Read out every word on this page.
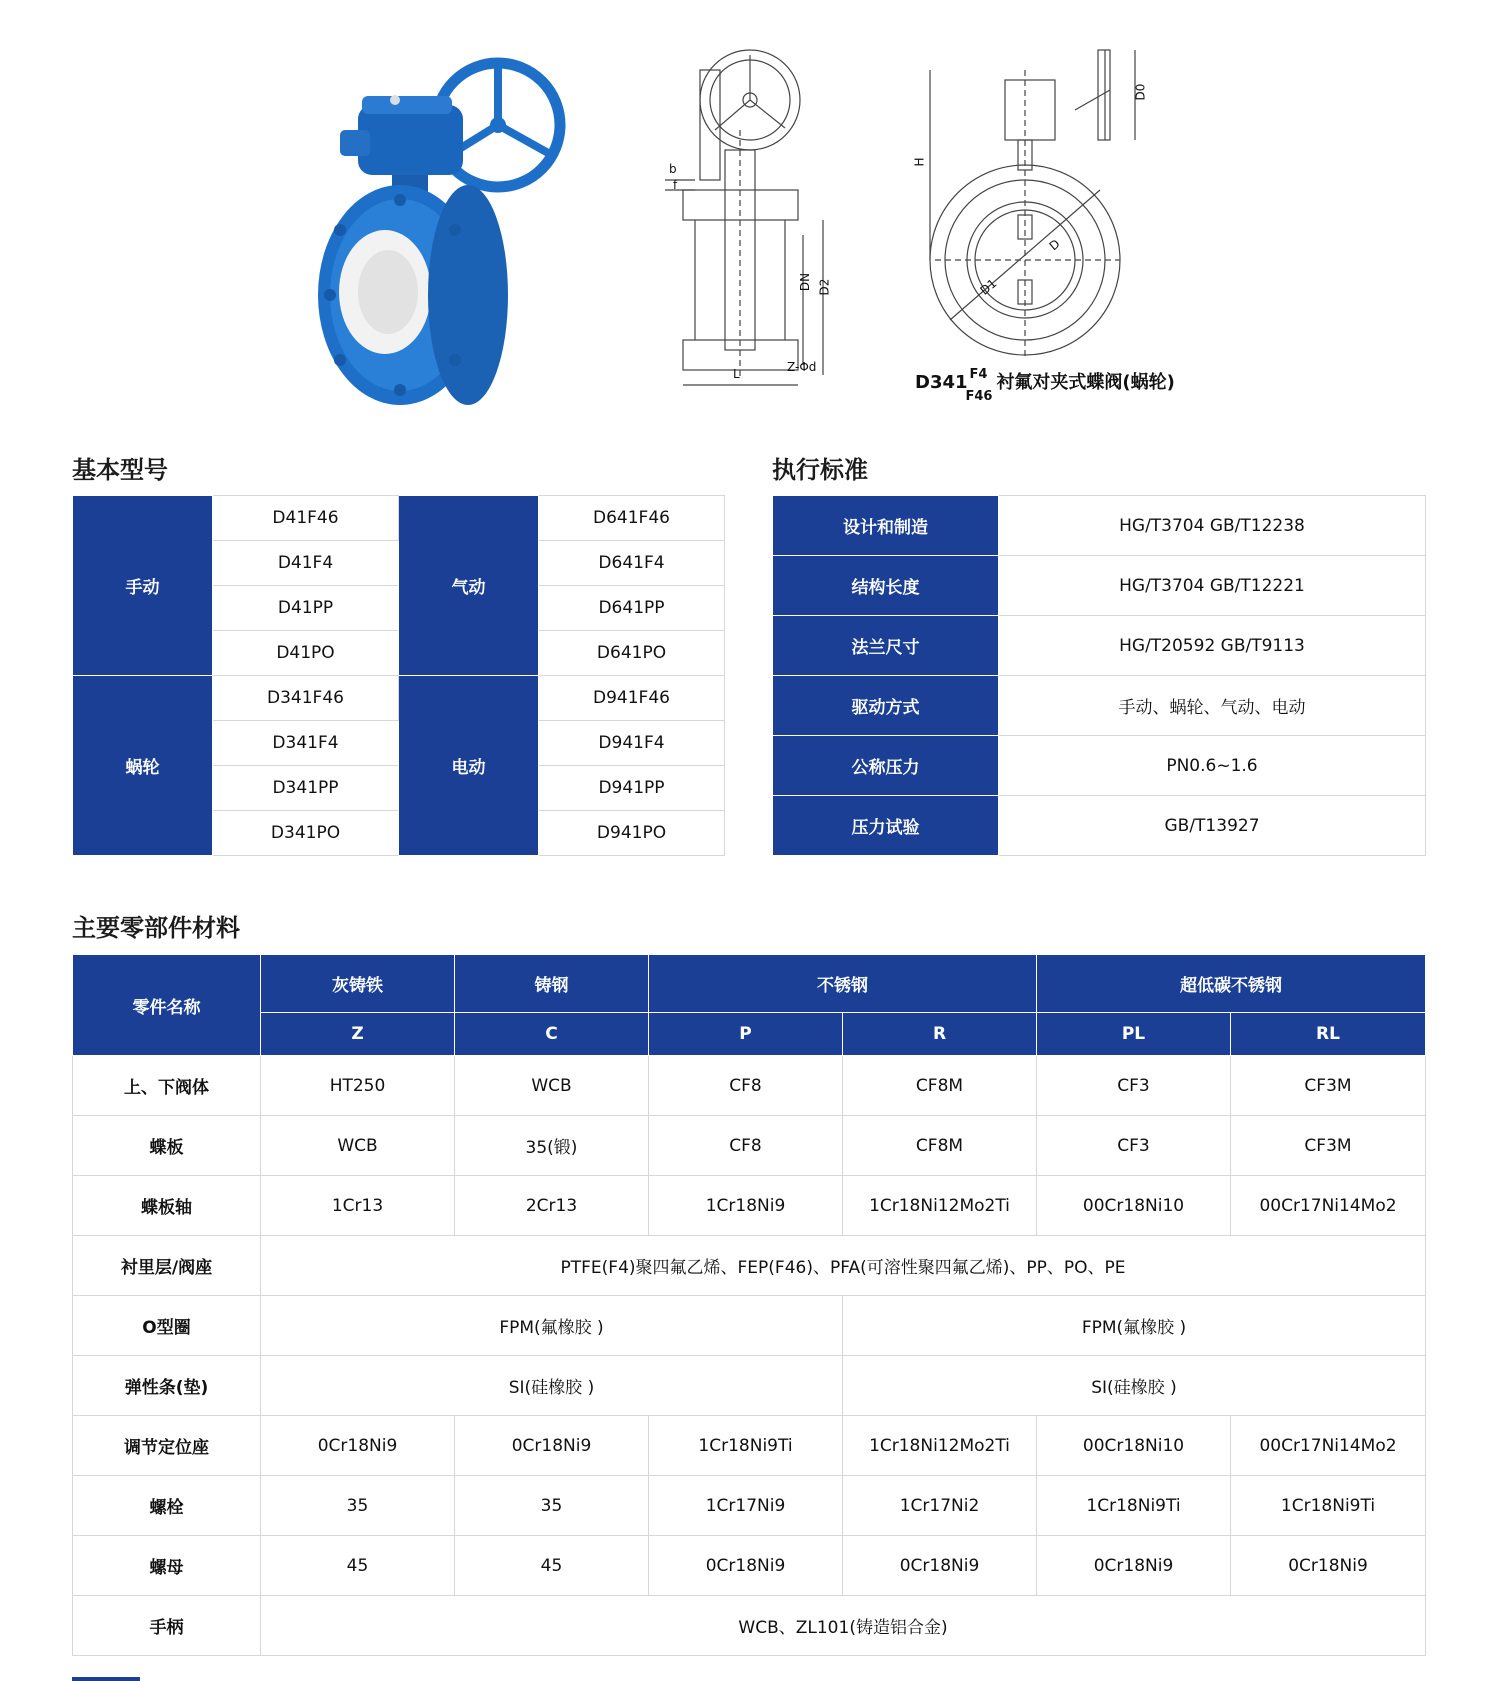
b
f
DN D2
Z-Φd
L
H
D0
D
D1
D341 $^{F4}_{F46}$衬氟对夹式蝶阀(蜗轮)
基本型号	执行标准
手动	D41F46	气动	D641F46
	D41F4		D641F4
	D41PP		D641PP
	D41PO		D641PO
蜗轮	D341F46	电动	D941F46
	D341F4		D941F4
	D341PP		D941PP
	D341PO		D941PO
设计和制造	HG/T3704 GB/T12238
结构长度	HG/T3704 GB/T12221
法兰尺寸	HG/T20592 GB/T9113
驱动方式	手动、蜗轮、气动、电动
公称压力	PN0.6~1.6
压力试验	GB/T13927
主要零部件材料
零件名称	灰铸铁	铸钢	不锈钢		超低碳不锈钢	
	Z	C	P	R	PL	RL
上、下阀体	HT250	WCB	CF8	CF8M	CF3	CF3M
蝶板	WCB	35(锻)	CF8	CF8M	CF3	CF3M
蝶板轴	1Cr13	2Cr13	1Cr18Ni9	1Cr18Ni12Mo2Ti	00Cr18Ni10	00Cr17Ni14Mo2
衬里层/阀座	PTFE(F4)聚四氟乙烯、FEP(F46)、PFA(可溶性聚四氟乙烯)、PP、PO、PE					
O型圈	FPM(氟橡胶 )			FPM(氟橡胶 )		
弹性条(垫)	SI(硅橡胶 )			SI(硅橡胶 )		
调节定位座	0Cr18Ni9	0Cr18Ni9	1Cr18Ni9Ti	1Cr18Ni12Mo2Ti	00Cr18Ni10	00Cr17Ni14Mo2
螺栓	35	35	1Cr17Ni9	1Cr17Ni2	1Cr18Ni9Ti	1Cr18Ni9Ti
螺母	45	45	0Cr18Ni9	0Cr18Ni9	0Cr18Ni9	0Cr18Ni9
手柄	WCB、ZL101(铸造铝合金)					
